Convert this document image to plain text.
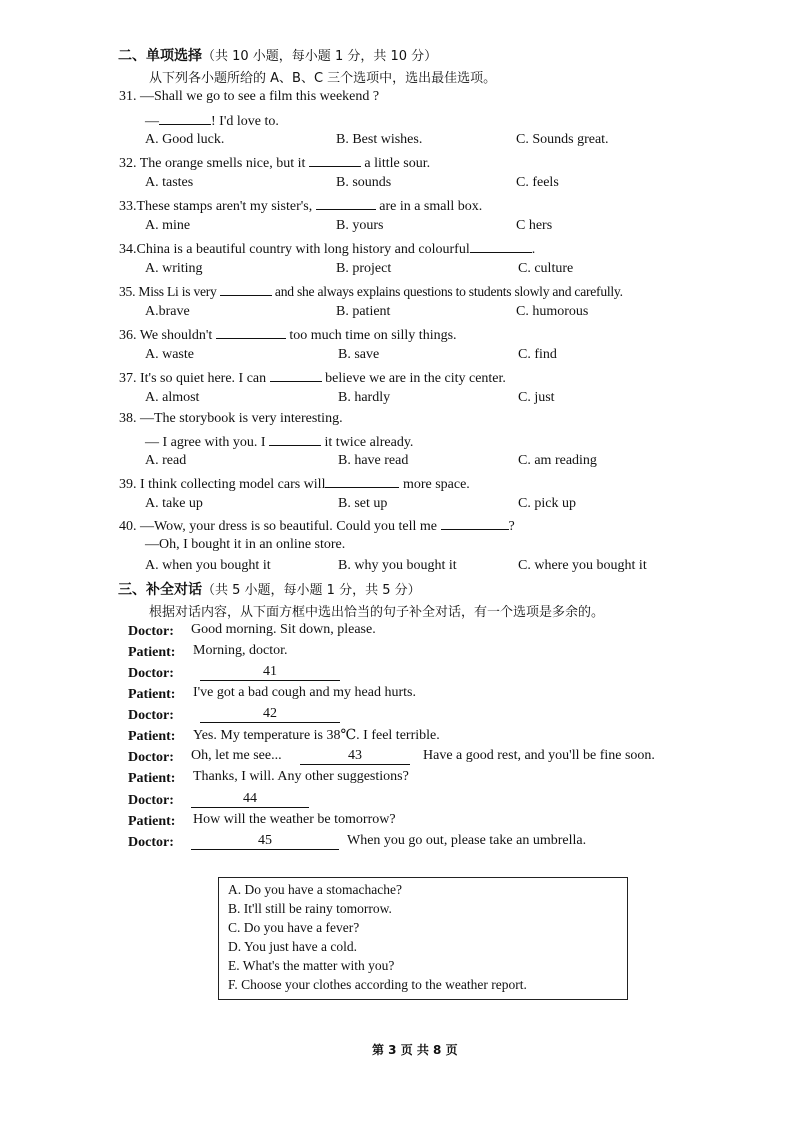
二、单项选择（共 10 小题，每小题 1 分，共 10 分）
从下列各小题所给的 A、B、C 三个选项中，选出最佳选项。
31. —Shall we go to see a film this weekend ?
—	! I'd love to.
A. Good luck.	B. Best wishes.	C. Sounds great.
32. The orange smells nice, but it	a little sour.
A. tastes	B. sounds	C. feels
33.These stamps aren't my sister's,	are in a small box.
A. mine	B. yours	C hers
34.China is a beautiful country with long history and colourful	.
A. writing	B. project	C. culture
35. Miss Li is very	and she always explains questions to students slowly and carefully.
A.brave	B. patient	C. humorous
36. We shouldn't	too much time on silly things.
A. waste	B. save	C. find
37. It's so quiet here. I can	believe we are in the city center.
A. almost	B. hardly	C. just
38. —The storybook is very interesting.
— I agree with you. I	it twice already.
A. read	B. have read	C. am reading
39. I think collecting model cars will	more space.
A. take up	B. set up	C. pick up
40. —Wow, your dress is so beautiful. Could you tell me	?
—Oh, I bought it in an online store.
A. when you bought it	B. why you bought it	C. where you bought it
三、补全对话（共 5 小题，每小题 1 分，共 5 分）
根据对话内容，从下面方框中选出恰当的句子补全对话，有一个选项是多余的。
Doctor: Good morning. Sit down, please.
Patient: Morning, doctor.
Doctor:	41
Patient: I've got a bad cough and my head hurts.
Doctor:	42
Patient: Yes. My temperature is 38℃. I feel terrible.
Doctor: Oh, let me see...	43	Have a good rest, and you'll be fine soon.
Patient: Thanks, I will. Any other suggestions?
Doctor:	44
Patient: How will the weather be tomorrow?
Doctor:	45	When you go out, please take an umbrella.
A. Do you have a stomachache?
B. It'll still be rainy tomorrow.
C. Do you have a fever?
D. You just have a cold.
E. What's the matter with you?
F. Choose your clothes according to the weather report.
第 3 页 共 8 页
